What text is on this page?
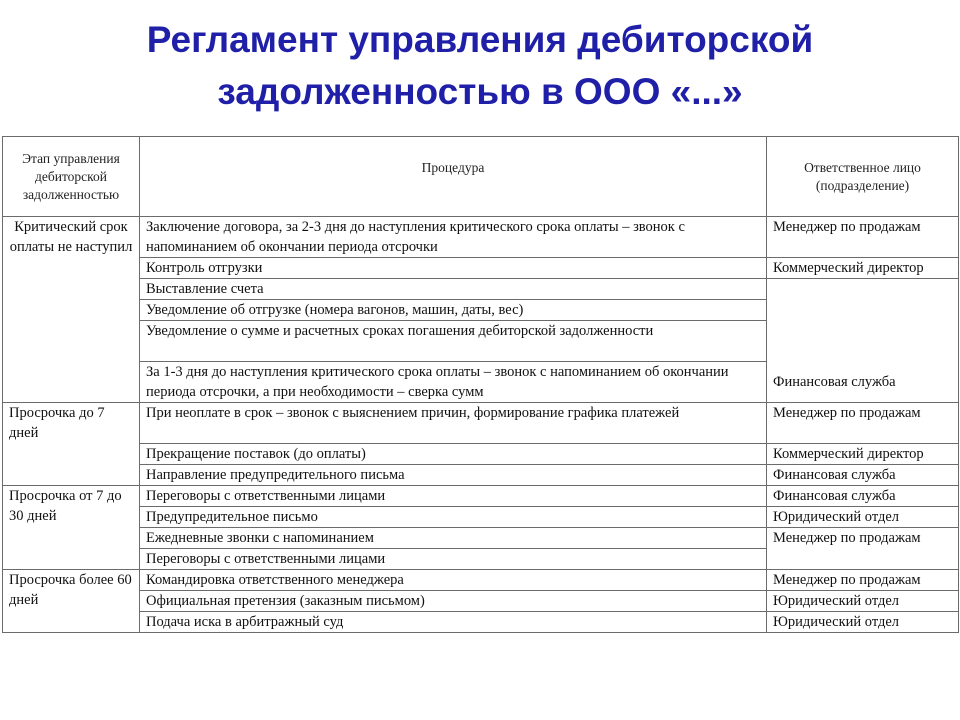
Регламент управления дебиторской
задолженностью в ООО «...»
Этап управления дебиторской задолженностью	Процедура	Ответственное лицо (подразделение)
Критический срок оплаты не наступил	Заключение договора, за 2-3 дня до наступления критического срока оплаты – звонок с напоминанием об окончании периода отсрочки	Менеджер по продажам
	Контроль отгрузки	Коммерческий директор
	Выставление счета	Финансовая служба
	Уведомление об отгрузке (номера вагонов, машин, даты, вес)	
	Уведомление о сумме и расчетных сроках погашения дебиторской задолженности	
	За 1-3 дня до наступления критического срока оплаты – звонок с напоминанием об окончании периода отсрочки, а при необходимости – сверка сумм	
Просрочка до 7 дней	При неоплате в срок – звонок с выяснением причин, формирование графика платежей	Менеджер по продажам
	Прекращение поставок (до оплаты)	Коммерческий директор
	Направление предупредительного письма	Финансовая служба
Просрочка от 7 до 30 дней	Переговоры с ответственными лицами	Финансовая служба
	Предупредительное письмо	Юридический отдел
	Ежедневные звонки с напоминанием	Менеджер по продажам
	Переговоры с ответственными лицами	
Просрочка более 60 дней	Командировка ответственного менеджера	Менеджер по продажам
	Официальная претензия (заказным письмом)	Юридический отдел
	Подача иска в арбитражный суд	Юридический отдел
